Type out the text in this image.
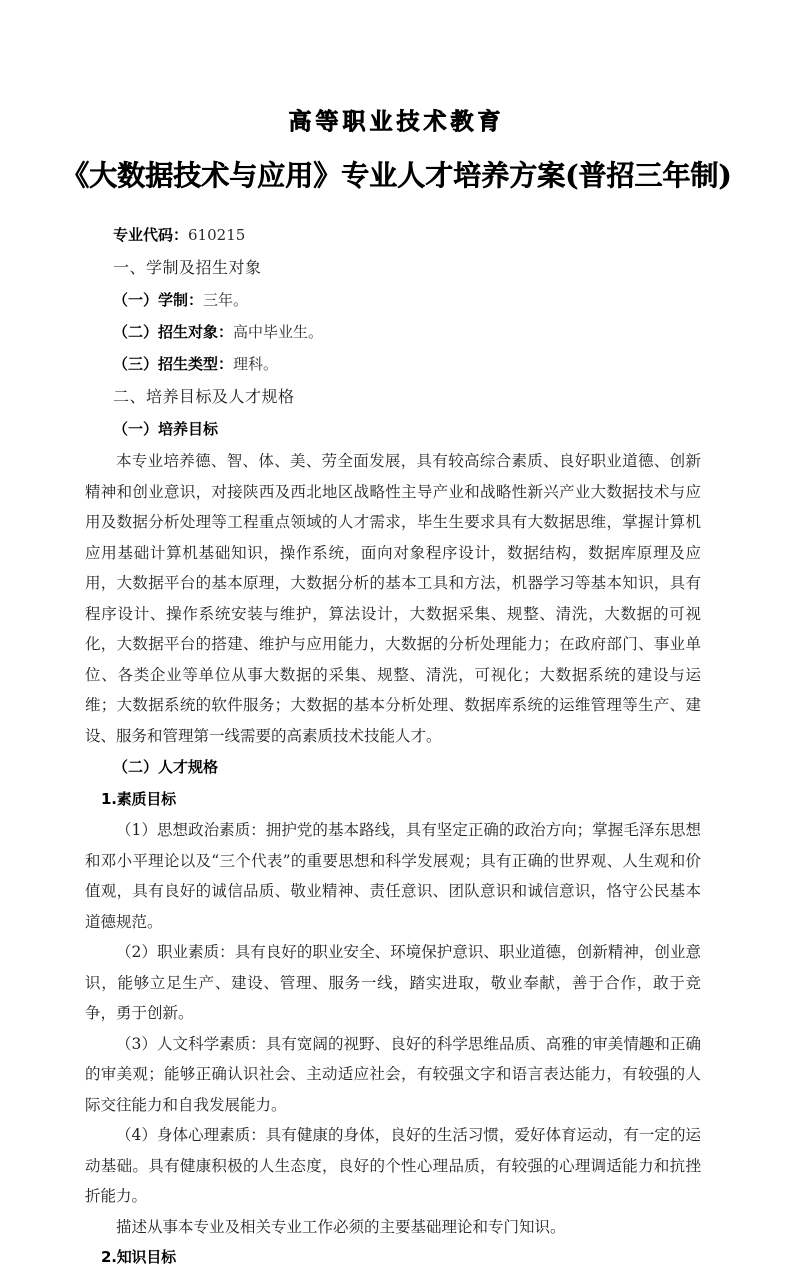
高等职业技术教育
《大数据技术与应用》专业人才培养方案(普招三年制)

专业代码：610215

一、学制及招生对象

（一）学制：三年。

（二）招生对象：高中毕业生。

（三）招生类型：理科。

二、培养目标及人才规格

（一）培养目标

本专业培养德、智、体、美、劳全面发展，具有较高综合素质、良好职业道德、创新精神和创业意识，对接陕西及西北地区战略性主导产业和战略性新兴产业大数据技术与应用及数据分析处理等工程重点领域的人才需求，毕生生要求具有大数据思维，掌握计算机应用基础计算机基础知识，操作系统，面向对象程序设计，数据结构，数据库原理及应用，大数据平台的基本原理，大数据分析的基本工具和方法，机器学习等基本知识，具有程序设计、操作系统安装与维护，算法设计，大数据采集、规整、清洗，大数据的可视化，大数据平台的搭建、维护与应用能力，大数据的分析处理能力；在政府部门、事业单位、各类企业等单位从事大数据的采集、规整、清洗，可视化；大数据系统的建设与运维；大数据系统的软件服务；大数据的基本分析处理、数据库系统的运维管理等生产、建设、服务和管理第一线需要的高素质技术技能人才。

（二）人才规格

1.素质目标

（1）思想政治素质：拥护党的基本路线，具有坚定正确的政治方向；掌握毛泽东思想和邓小平理论以及“三个代表”的重要思想和科学发展观；具有正确的世界观、人生观和价值观，具有良好的诚信品质、敬业精神、责任意识、团队意识和诚信意识，恪守公民基本道德规范。

（2）职业素质：具有良好的职业安全、环境保护意识、职业道德，创新精神，创业意识，能够立足生产、建设、管理、服务一线，踏实进取，敬业奉献，善于合作，敢于竞争，勇于创新。

（3）人文科学素质：具有宽阔的视野、良好的科学思维品质、高雅的审美情趣和正确的审美观；能够正确认识社会、主动适应社会，有较强文字和语言表达能力，有较强的人际交往能力和自我发展能力。

（4）身体心理素质：具有健康的身体，良好的生活习惯，爱好体育运动，有一定的运动基础。具有健康积极的人生态度，良好的个性心理品质，有较强的心理调适能力和抗挫折能力。

描述从事本专业及相关专业工作必须的主要基础理论和专门知识。

2.知识目标
